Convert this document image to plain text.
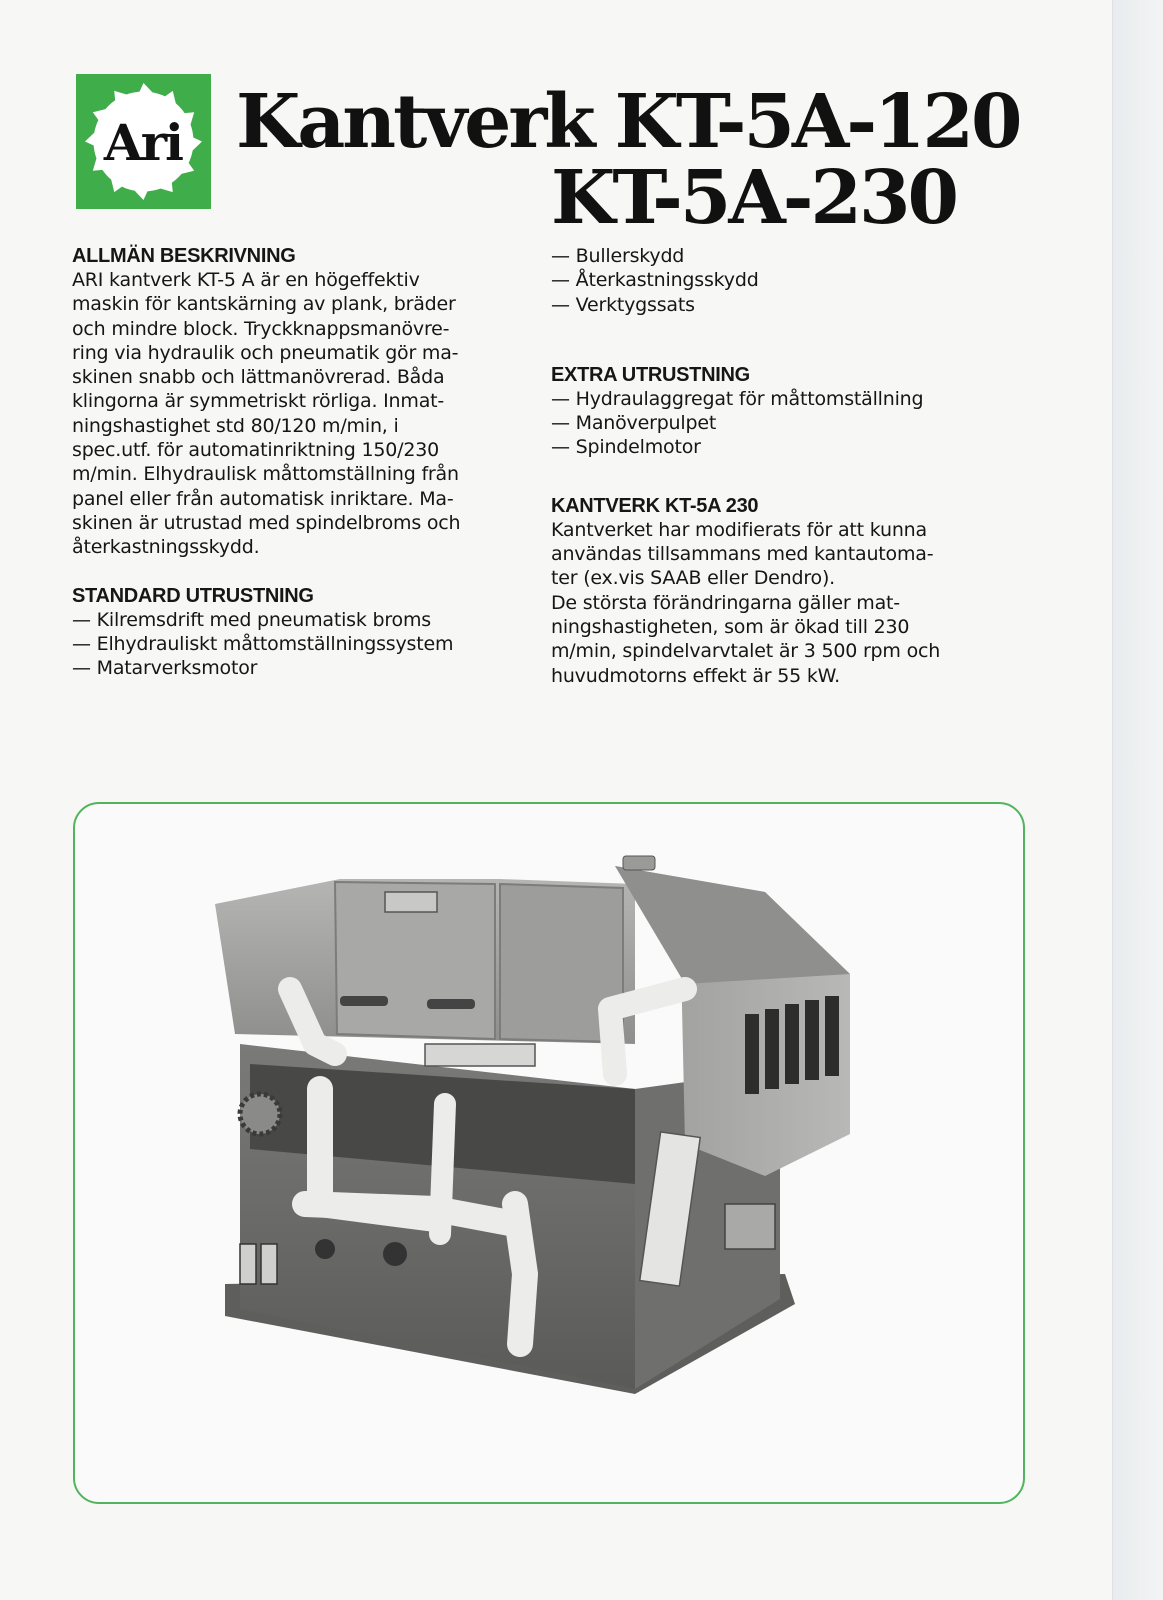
Ari Kantverk KT-5A-120
KT-5A-230
ALLMÄN BESKRIVNING
ARI kantverk KT-5 A är en högeffektiv
maskin för kantskärning av plank, bräder
och mindre block. Tryckknappsmanövre-
ring via hydraulik och pneumatik gör ma-
skinen snabb och lättmanövrerad. Båda
klingorna är symmetriskt rörliga. Inmat-
ningshastighet std 80/120 m/min, i
spec.utf. för automatinriktning 150/230
m/min. Elhydraulisk måttomställning från
panel eller från automatisk inriktare. Ma-
skinen är utrustad med spindelbroms och
återkastningsskydd.
STANDARD UTRUSTNING
— Kilremsdrift med pneumatisk broms
— Elhydrauliskt måttomställningssystem
— Matarverksmotor
— Bullerskydd
— Återkastningsskydd
— Verktygssats
EXTRA UTRUSTNING
— Hydraulaggregat för måttomställning
— Manöverpulpet
— Spindelmotor
KANTVERK KT-5A 230
Kantverket har modifierats för att kunna
användas tillsammans med kantautoma-
ter (ex.vis SAAB eller Dendro).
De största förändringarna gäller mat-
ningshastigheten, som är ökad till 230
m/min, spindelvarvtalet är 3 500 rpm och
huvudmotorns effekt är 55 kW.
